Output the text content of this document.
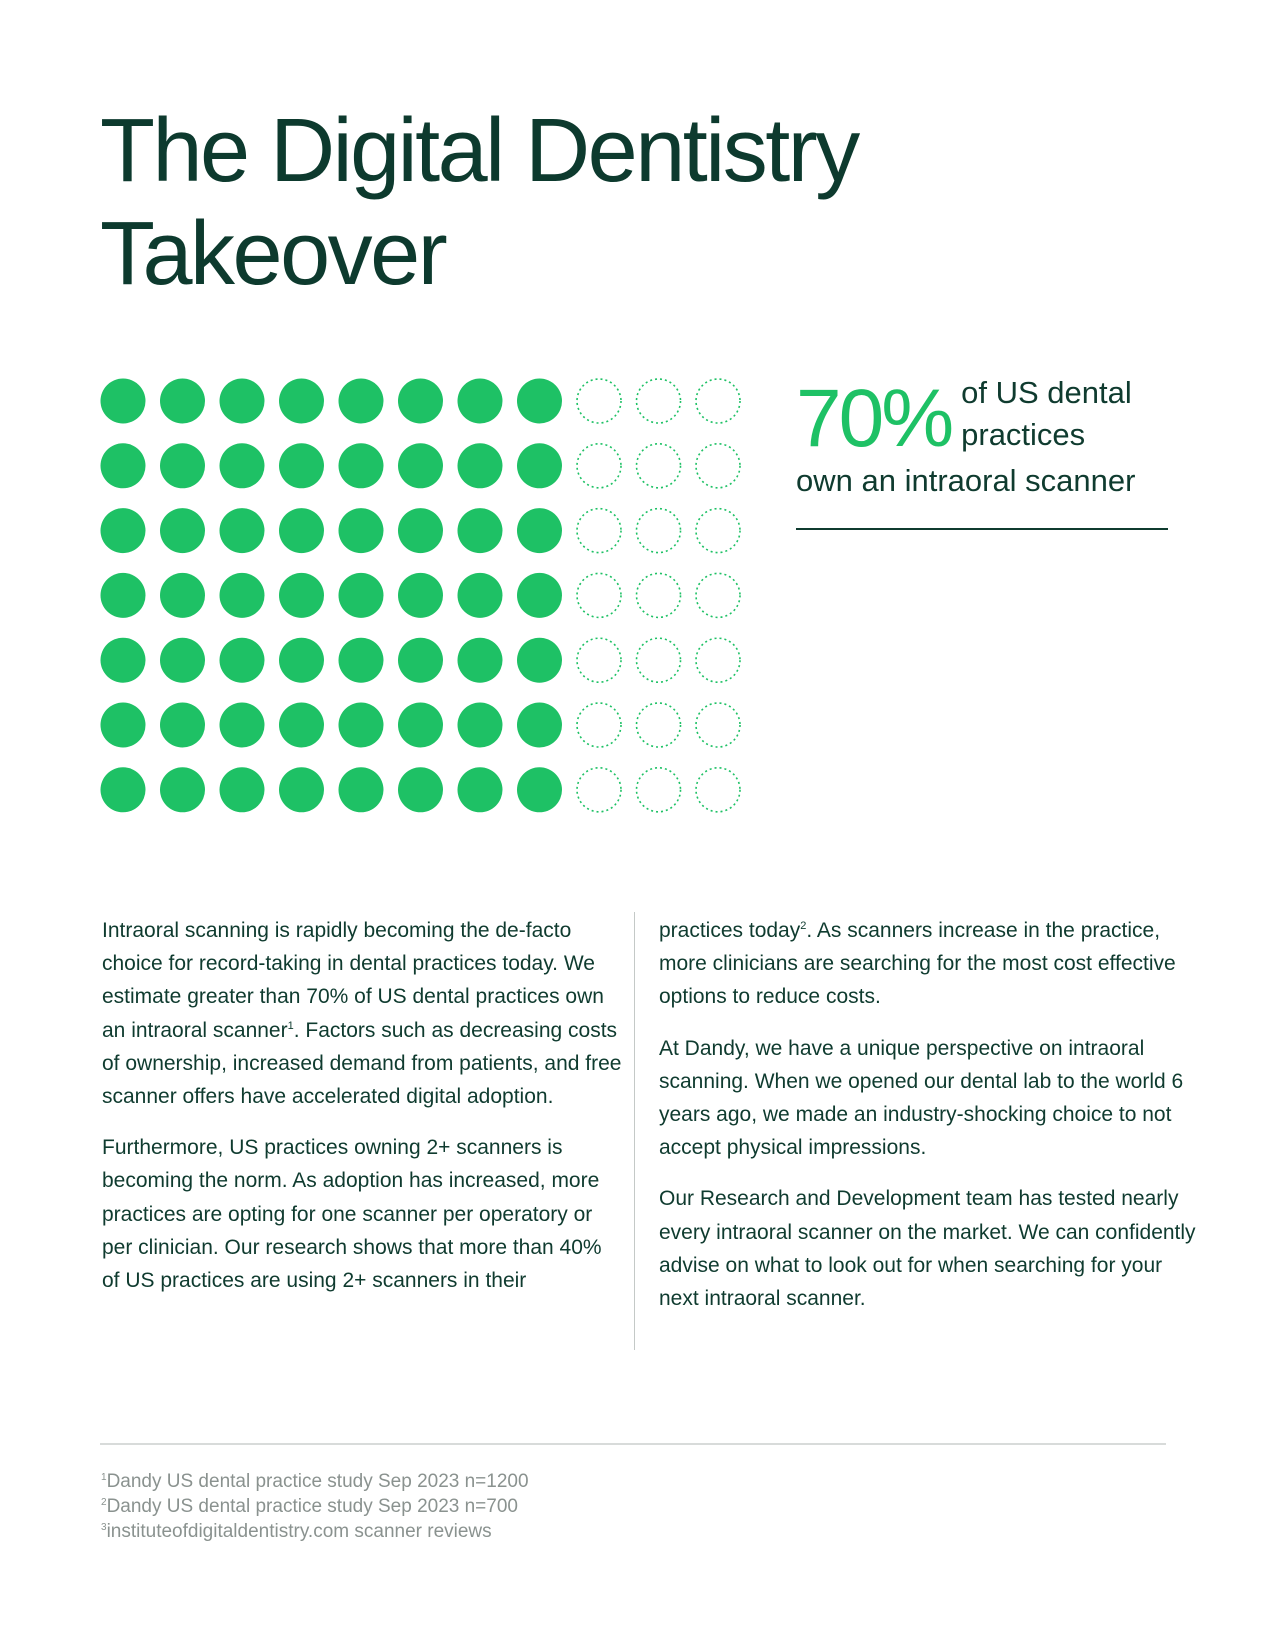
The Digital Dentistry
Takeover
70% of US dental
practices
own an intraoral scanner

Intraoral scanning is rapidly becoming the de-facto choice for record-taking in dental practices today. We estimate greater than 70% of US dental practices own an intraoral scanner$^1$. Factors such as decreasing costs of ownership, increased demand from patients, and free scanner offers have accelerated digital adoption.

Furthermore, US practices owning 2+ scanners is becoming the norm. As adoption has increased, more practices are opting for one scanner per operatory or per clinician. Our research shows that more than 40% of US practices are using 2+ scanners in their

practices today$^2$. As scanners increase in the practice, more clinicians are searching for the most cost effective options to reduce costs.

At Dandy, we have a unique perspective on intraoral scanning. When we opened our dental lab to the world 6 years ago, we made an industry-shocking choice to not accept physical impressions.

Our Research and Development team has tested nearly every intraoral scanner on the market. We can confidently advise on what to look out for when searching for your next intraoral scanner.

$^1$Dandy US dental practice study Sep 2023 n=1200
$^2$Dandy US dental practice study Sep 2023 n=700
$^3$instituteofdigitaldentistry.com scanner reviews
